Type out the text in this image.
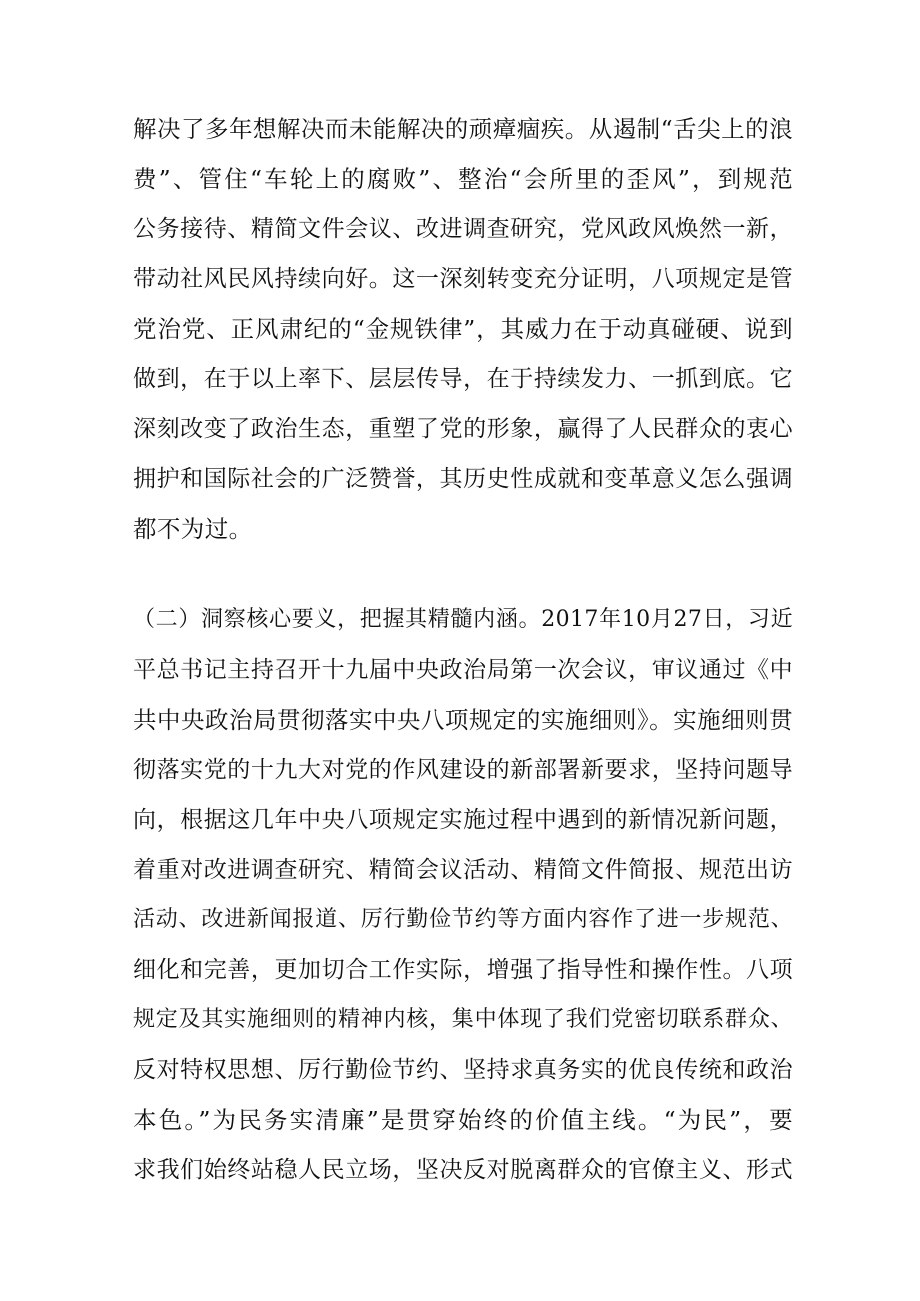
解决了多年想解决而未能解决的顽瘴痼疾。从遏制“舌尖上的浪
费”、管住“车轮上的腐败”、整治“会所里的歪风”，到规范
公务接待、精简文件会议、改进调查研究，党风政风焕然一新，
带动社风民风持续向好。这一深刻转变充分证明，八项规定是管
党治党、正风肃纪的“金规铁律”，其威力在于动真碰硬、说到
做到，在于以上率下、层层传导，在于持续发力、一抓到底。它
深刻改变了政治生态，重塑了党的形象，赢得了人民群众的衷心
拥护和国际社会的广泛赞誉，其历史性成就和变革意义怎么强调
都不为过。
（二）洞察核心要义，把握其精髓内涵。2017年10月27日，习近
平总书记主持召开十九届中央政治局第一次会议，审议通过《中
共中央政治局贯彻落实中央八项规定的实施细则》。实施细则贯
彻落实党的十九大对党的作风建设的新部署新要求，坚持问题导
向，根据这几年中央八项规定实施过程中遇到的新情况新问题，
着重对改进调查研究、精简会议活动、精简文件简报、规范出访
活动、改进新闻报道、厉行勤俭节约等方面内容作了进一步规范、
细化和完善，更加切合工作实际，增强了指导性和操作性。八项
规定及其实施细则的精神内核，集中体现了我们党密切联系群众、
反对特权思想、厉行勤俭节约、坚持求真务实的优良传统和政治
本色。”为民务实清廉”是贯穿始终的价值主线。“为民”，要
求我们始终站稳人民立场，坚决反对脱离群众的官僚主义、形式
